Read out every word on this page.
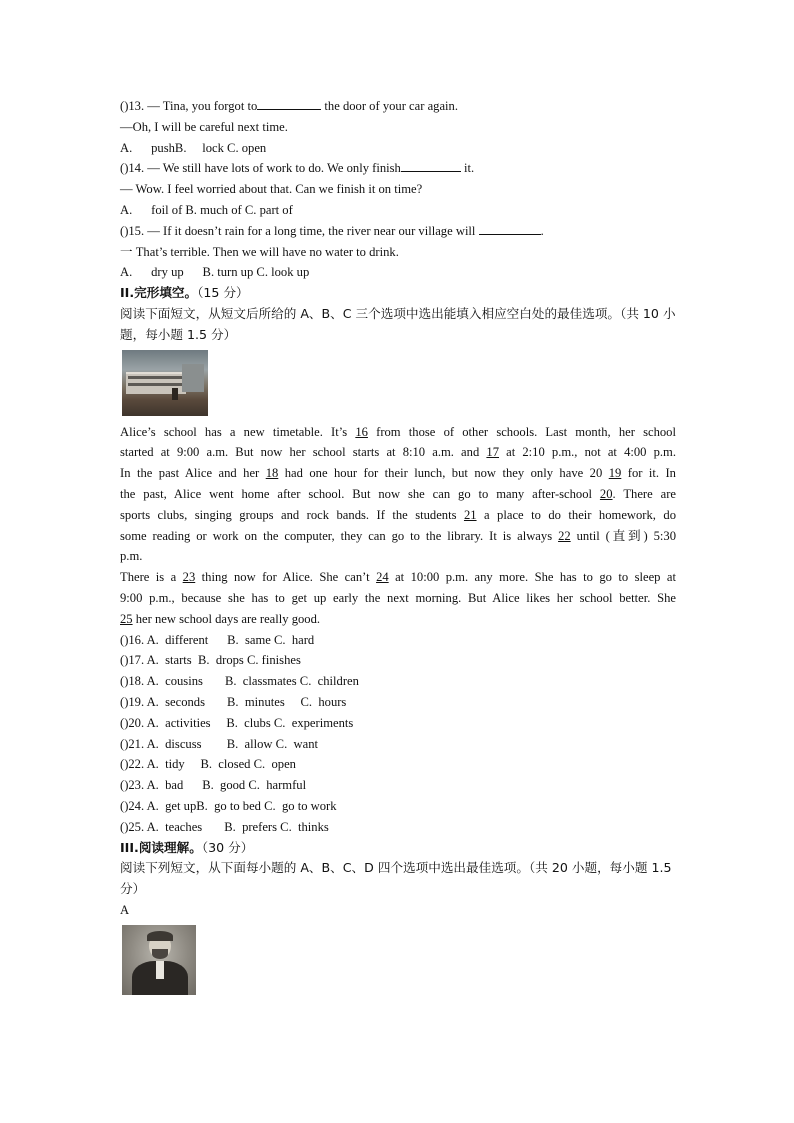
()13. — Tina, you forgot to	the door of your car again.
—Oh, I will be careful next time.
A.      pushB.     lock C. open
()14. — We still have lots of work to do. We only finish	it.
— Wow. I feel worried about that. Can we finish it on time?
A.      foil of B. much of C. part of
()15. — If it doesn’t rain for a long time, the river near our village will	.
一 That’s terrible. Then we will have no water to drink.
A.      dry up      B. turn up C. look up
II.完形填空。（15 分）
阅读下面短文，从短文后所给的 A、B、C 三个选项中选出能填入相应空白处的最佳选项。（共 10 小题，每小题 1.5 分）
Alice’s school has a new timetable. It’s 16 from those of other schools. Last month, her school
started at 9:00 a.m. But now her school starts at 8:10 a.m. and 17 at 2:10 p.m., not at 4:00 p.m.
In the past Alice and her 18 had one hour for their lunch, but now they only have 20 19 for it. In
the past, Alice went home after school. But now she can go to many after-school 20. There are
sports clubs, singing groups and rock bands. If the students 21 a place to do their homework, do
some reading or work on the computer, they can go to the library. It is always 22 until (直到) 5:30
p.m.
There is a 23 thing now for Alice. She can’t 24 at 10:00 p.m. any more. She has to go to sleep at
9:00 p.m., because she has to get up early the next morning. But Alice likes her school better. She
25 her new school days are really good.
()16. A.  different      B.  same C.  hard
()17. A.  starts  B.  drops C. finishes
()18. A.  cousins       B.  classmates C.  children
()19. A.  seconds       B.  minutes     C.  hours
()20. A.  activities     B.  clubs C.  experiments
()21. A.  discuss        B.  allow C.  want
()22. A.  tidy     B.  closed C.  open
()23. A.  bad      B.  good C.  harmful
()24. A.  get upB.  go to bed C.  go to work
()25. A.  teaches       B.  prefers C.  thinks
III.阅读理解。（30 分）
阅读下列短文，从下面每小题的 A、B、C、D 四个选项中选出最佳选项。（共 20 小题，每小题 1.5 分）
A
